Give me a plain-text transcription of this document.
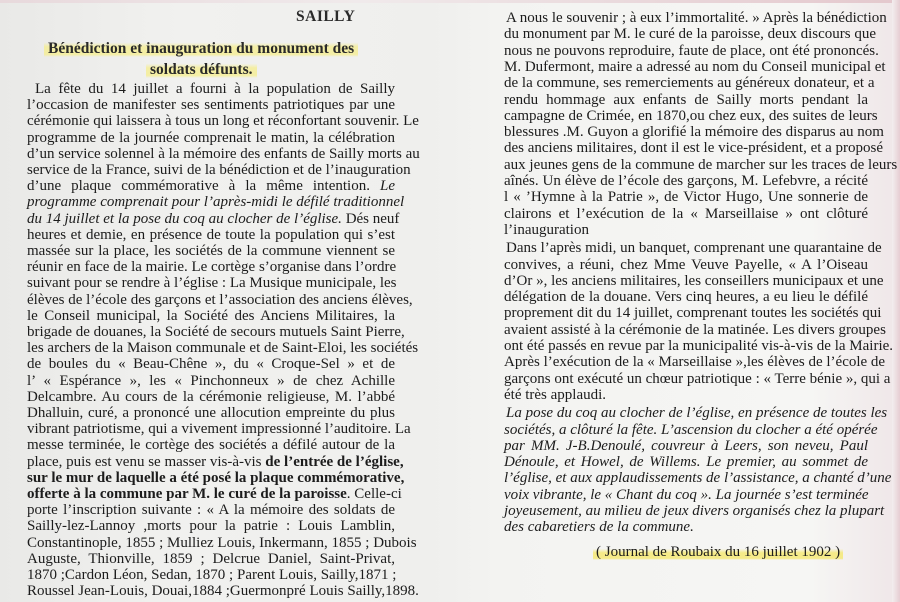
SAILLY
Bénédiction et inauguration du monument des
soldats défunts.
La fête du 14 juillet a fourni à la population de Sailly
l’occasion de manifester ses sentiments patriotiques par une
cérémonie qui laissera à tous un long et réconfortant souvenir. Le
programme de la journée comprenait le matin, la célébration
d’un service solennel à la mémoire des enfants de Sailly morts au
service de la France, suivi de la bénédiction et de l’inauguration
d’une plaque commémorative à la même intention. Le
programme comprenait pour l’après-midi le défilé traditionnel
du 14 juillet et la pose du coq au clocher de l’église. Dés neuf
heures et demie, en présence de toute la population qui s’est
massée sur la place, les sociétés de la commune viennent se
réunir en face de la mairie. Le cortège s’organise dans l’ordre
suivant pour se rendre à l’église : La Musique municipale, les
élèves de l’école des garçons et l’association des anciens élèves,
le Conseil municipal, la Société des Anciens Militaires, la
brigade de douanes, la Société de secours mutuels Saint Pierre,
les archers de la Maison communale et de Saint-Eloi, les sociétés
de boules du « Beau-Chêne », du « Croque-Sel » et de
l’ « Espérance », les « Pinchonneux » de chez Achille
Delcambre. Au cours de la cérémonie religieuse, M. l’abbé
Dhalluin, curé, a prononcé une allocution empreinte du plus
vibrant patriotisme, qui a vivement impressionné l’auditoire. La
messe terminée, le cortège des sociétés a défilé autour de la
place, puis est venu se masser vis-à-vis de l’entrée de l’église,
sur le mur de laquelle a été posé la plaque commémorative,
offerte à la commune par M. le curé de la paroisse. Celle-ci
porte l’inscription suivante : « A la mémoire des soldats de
Sailly-lez-Lannoy ,morts pour la patrie : Louis Lamblin,
Constantinople, 1855 ; Mulliez Louis, Inkermann, 1855 ; Dubois
Auguste, Thionville, 1859 ; Delcrue Daniel, Saint-Privat,
1870 ;Cardon Léon, Sedan, 1870 ; Parent Louis, Sailly,1871 ;
Roussel Jean-Louis, Douai,1884 ;Guermonpré Louis Sailly,1898.
A nous le souvenir ; à eux l’immortalité. » Après la bénédiction
du monument par M. le curé de la paroisse, deux discours que
nous ne pouvons reproduire, faute de place, ont été prononcés.
M. Dufermont, maire a adressé au nom du Conseil municipal et
de la commune, ses remerciements au généreux donateur, et a
rendu hommage aux enfants de Sailly morts pendant la
campagne de Crimée, en 1870,ou chez eux, des suites de leurs
blessures .M. Guyon a glorifié la mémoire des disparus au nom
des anciens militaires, dont il est le vice-président, et a proposé
aux jeunes gens de la commune de marcher sur les traces de leurs
aînés. Un élève de l’école des garçons, M. Lefebvre, a récité
l « ’Hymne à la Patrie », de Victor Hugo, Une sonnerie de
clairons et l’exécution de la « Marseillaise » ont clôturé
l’inauguration
Dans l’après midi, un banquet, comprenant une quarantaine de
convives, a réuni, chez Mme Veuve Payelle, « A l’Oiseau
d’Or », les anciens militaires, les conseillers municipaux et une
délégation de la douane. Vers cinq heures, a eu lieu le défilé
proprement dit du 14 juillet, comprenant toutes les sociétés qui
avaient assisté à la cérémonie de la matinée. Les divers groupes
ont été passés en revue par la municipalité vis-à-vis de la Mairie.
Après l’exécution de la « Marseillaise »,les élèves de l’école de
garçons ont exécuté un chœur patriotique : « Terre bénie », qui a
été très applaudi.
La pose du coq au clocher de l’église, en présence de toutes les
sociétés, a clôturé la fête. L’ascension du clocher a été opérée
par MM. J-B.Denoulé, couvreur à Leers, son neveu, Paul
Dénoule, et Howel, de Willems. Le premier, au sommet de
l’église, et aux applaudissements de l’assistance, a chanté d’une
voix vibrante, le « Chant du coq ». La journée s’est terminée
joyeusement, au milieu de jeux divers organisés chez la plupart
des cabaretiers de la commune.
( Journal de Roubaix du 16 juillet 1902 )
